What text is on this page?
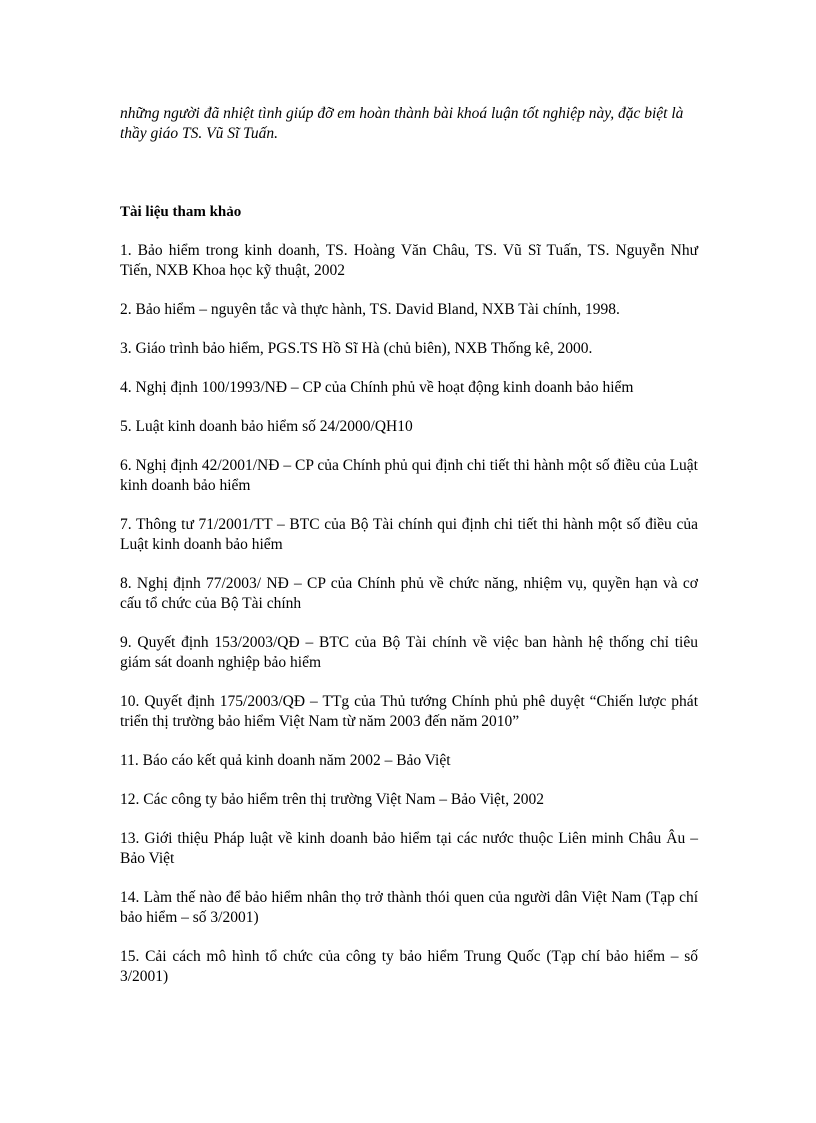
những người đã nhiệt tình giúp đỡ em hoàn thành bài khoá luận tốt nghiệp này, đặc biệt là thầy giáo TS. Vũ Sĩ Tuấn.

Tài liệu tham khảo

1. Bảo hiểm trong kinh doanh, TS. Hoàng Văn Châu, TS. Vũ Sĩ Tuấn, TS. Nguyễn Như Tiến, NXB Khoa học kỹ thuật, 2002
2. Bảo hiểm – nguyên tắc và thực hành, TS. David Bland, NXB Tài chính, 1998.
3. Giáo trình bảo hiểm, PGS.TS Hồ Sĩ Hà (chủ biên), NXB Thống kê, 2000.
4. Nghị định 100/1993/NĐ – CP của Chính phủ về hoạt động kinh doanh bảo hiểm
5. Luật kinh doanh bảo hiểm số 24/2000/QH10
6. Nghị định 42/2001/NĐ – CP của Chính phủ qui định chi tiết thi hành một số điều của Luật kinh doanh bảo hiểm
7. Thông tư 71/2001/TT – BTC của Bộ Tài chính qui định chi tiết thi hành một số điều của Luật kinh doanh bảo hiểm
8. Nghị định 77/2003/ NĐ – CP của Chính phủ về chức năng, nhiệm vụ, quyền hạn và cơ cấu tổ chức của Bộ Tài chính
9. Quyết định 153/2003/QĐ – BTC của Bộ Tài chính về việc ban hành hệ thống chỉ tiêu giám sát doanh nghiệp bảo hiểm
10. Quyết định 175/2003/QĐ – TTg của Thủ tướng Chính phủ phê duyệt “Chiến lược phát triển thị trường bảo hiểm Việt Nam từ năm 2003 đến năm 2010”
11. Báo cáo kết quả kinh doanh năm 2002 – Bảo Việt
12. Các công ty bảo hiểm trên thị trường Việt Nam – Bảo Việt, 2002
13. Giới thiệu Pháp luật về kinh doanh bảo hiểm tại các nước thuộc Liên minh Châu Âu – Bảo Việt
14. Làm thế nào để bảo hiểm nhân thọ trở thành thói quen của người dân Việt Nam (Tạp chí bảo hiểm – số 3/2001)
15. Cải cách mô hình tổ chức của công ty bảo hiểm Trung Quốc (Tạp chí bảo hiểm – số 3/2001)
